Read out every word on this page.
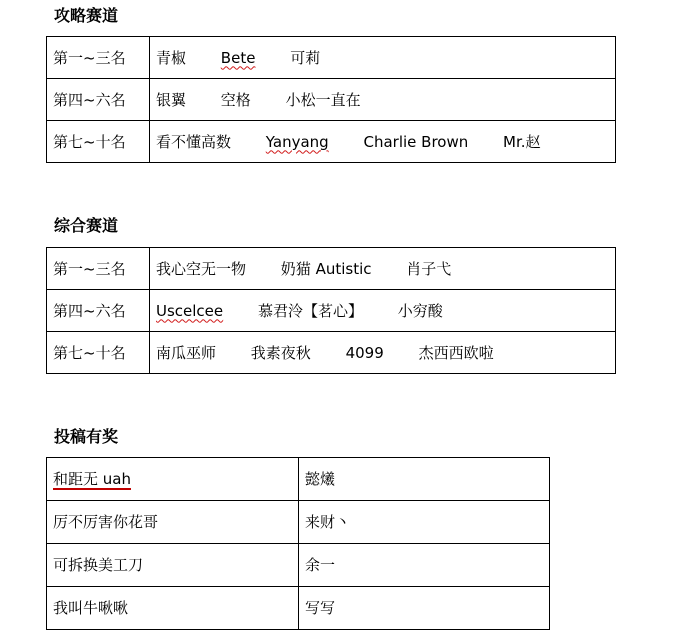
攻略赛道
第一~三名	青椒 Bete 可莉
第四~六名	银翼 空格 小松一直在
第七~十名	看不懂高数 Yanyang Charlie Brown Mr.赵
综合赛道
第一~三名	我心空无一物 奶猫 Autistic 肖子弋
第四~六名	Uscelcee 慕君泠【茗心】 小穷酸
第七~十名	南瓜巫师 我素夜秋 4099 杰西西欧啦
投稿有奖
和距无 uah	懿爔
厉不厉害你花哥	来财丶
可拆换美工刀	余一
我叫牛啾啾	写写
